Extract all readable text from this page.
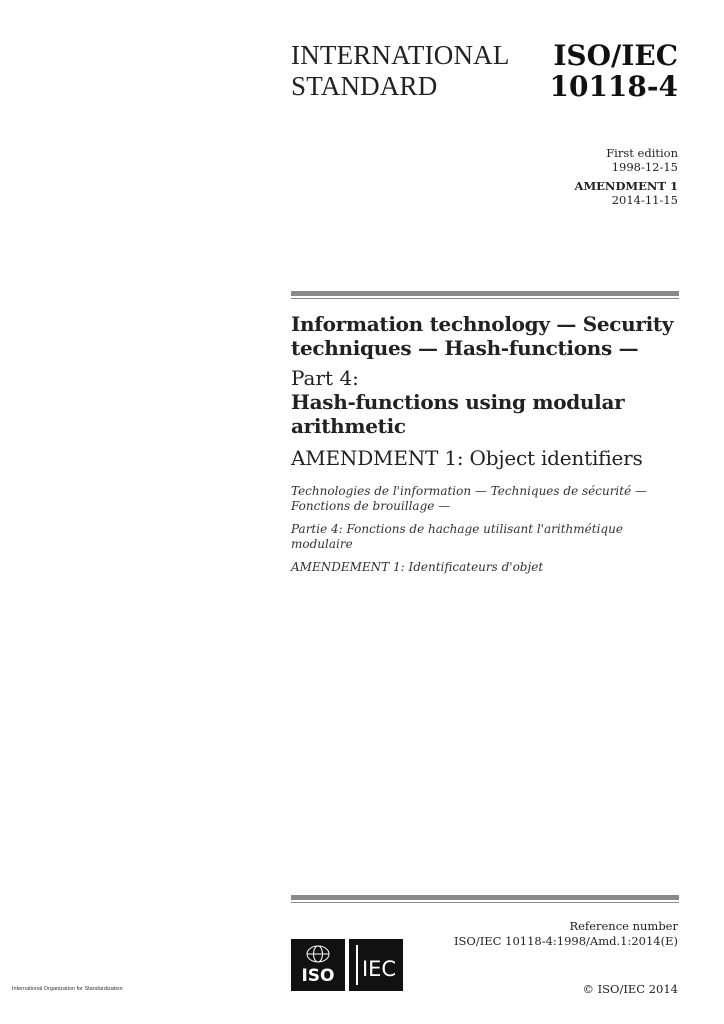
INTERNATIONAL
STANDARD
ISO/IEC
10118-4
First edition
1998-12-15
AMENDMENT 1
2014-11-15
Information technology — Security
techniques — Hash-functions —
Part 4:
Hash-functions using modular
arithmetic
AMENDMENT 1: Object identifiers
Technologies de l'information — Techniques de sécurité — Fonctions de brouillage —
Partie 4: Fonctions de hachage utilisant l'arithmétique modulaire
AMENDEMENT 1: Identificateurs d'objet
Reference number
ISO/IEC 10118-4:1998/Amd.1:2014(E)
ISO IEC
© ISO/IEC 2014
International Organization for Standardization
